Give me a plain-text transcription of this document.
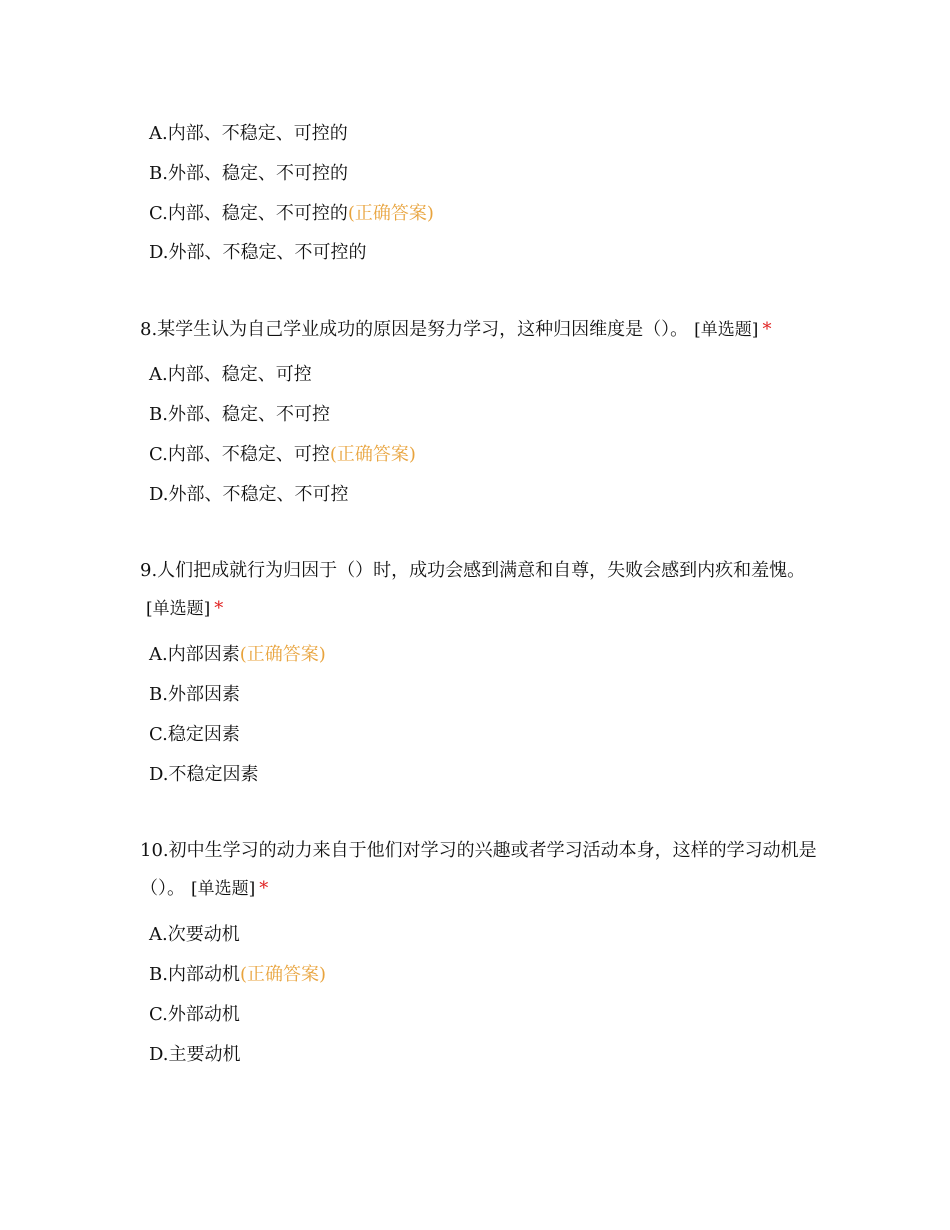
A.内部、不稳定、可控的
B.外部、稳定、不可控的
C.内部、稳定、不可控的(正确答案)
D.外部、不稳定、不可控的
8.某学生认为自己学业成功的原因是努力学习，这种归因维度是（）。 [单选题] *
A.内部、稳定、可控
B.外部、稳定、不可控
C.内部、不稳定、可控(正确答案)
D.外部、不稳定、不可控
9.人们把成就行为归因于（）时，成功会感到满意和自尊，失败会感到内疚和羞愧。[单选题] *
A.内部因素(正确答案)
B.外部因素
C.稳定因素
D.不稳定因素
10.初中生学习的动力来自于他们对学习的兴趣或者学习活动本身，这样的学习动机是（）。 [单选题] *
A.次要动机
B.内部动机(正确答案)
C.外部动机
D.主要动机
